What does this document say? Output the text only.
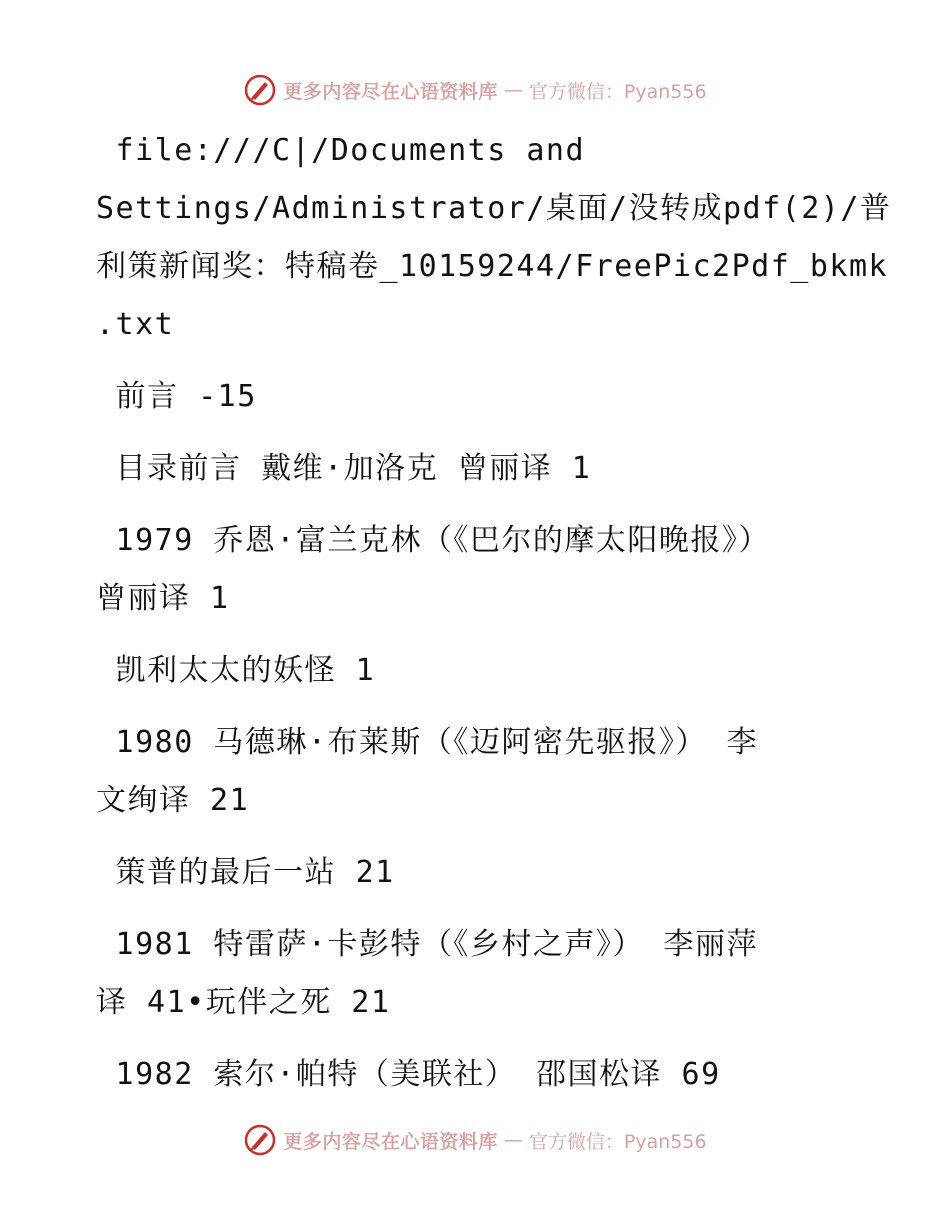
更多内容尽在心语资料库 — 官方微信：Pyan556
file:///C|/Documents and
Settings/Administrator/桌面/没转成pdf(2)/普
利策新闻奖：特稿卷_10159244/FreePic2Pdf_bkmk
.txt
前言 -15
目录前言 戴维·加洛克 曾丽译 1
1979 乔恩·富兰克林（《巴尔的摩太阳晚报》）
曾丽译 1
凯利太太的妖怪 1
1980 马德琳·布莱斯（《迈阿密先驱报》） 李
文绚译 21
策普的最后一站 21
1981 特雷萨·卡彭特（《乡村之声》） 李丽萍
译 41•玩伴之死 21
1982 索尔·帕特（美联社） 邵国松译 69
更多内容尽在心语资料库 — 官方微信：Pyan556
